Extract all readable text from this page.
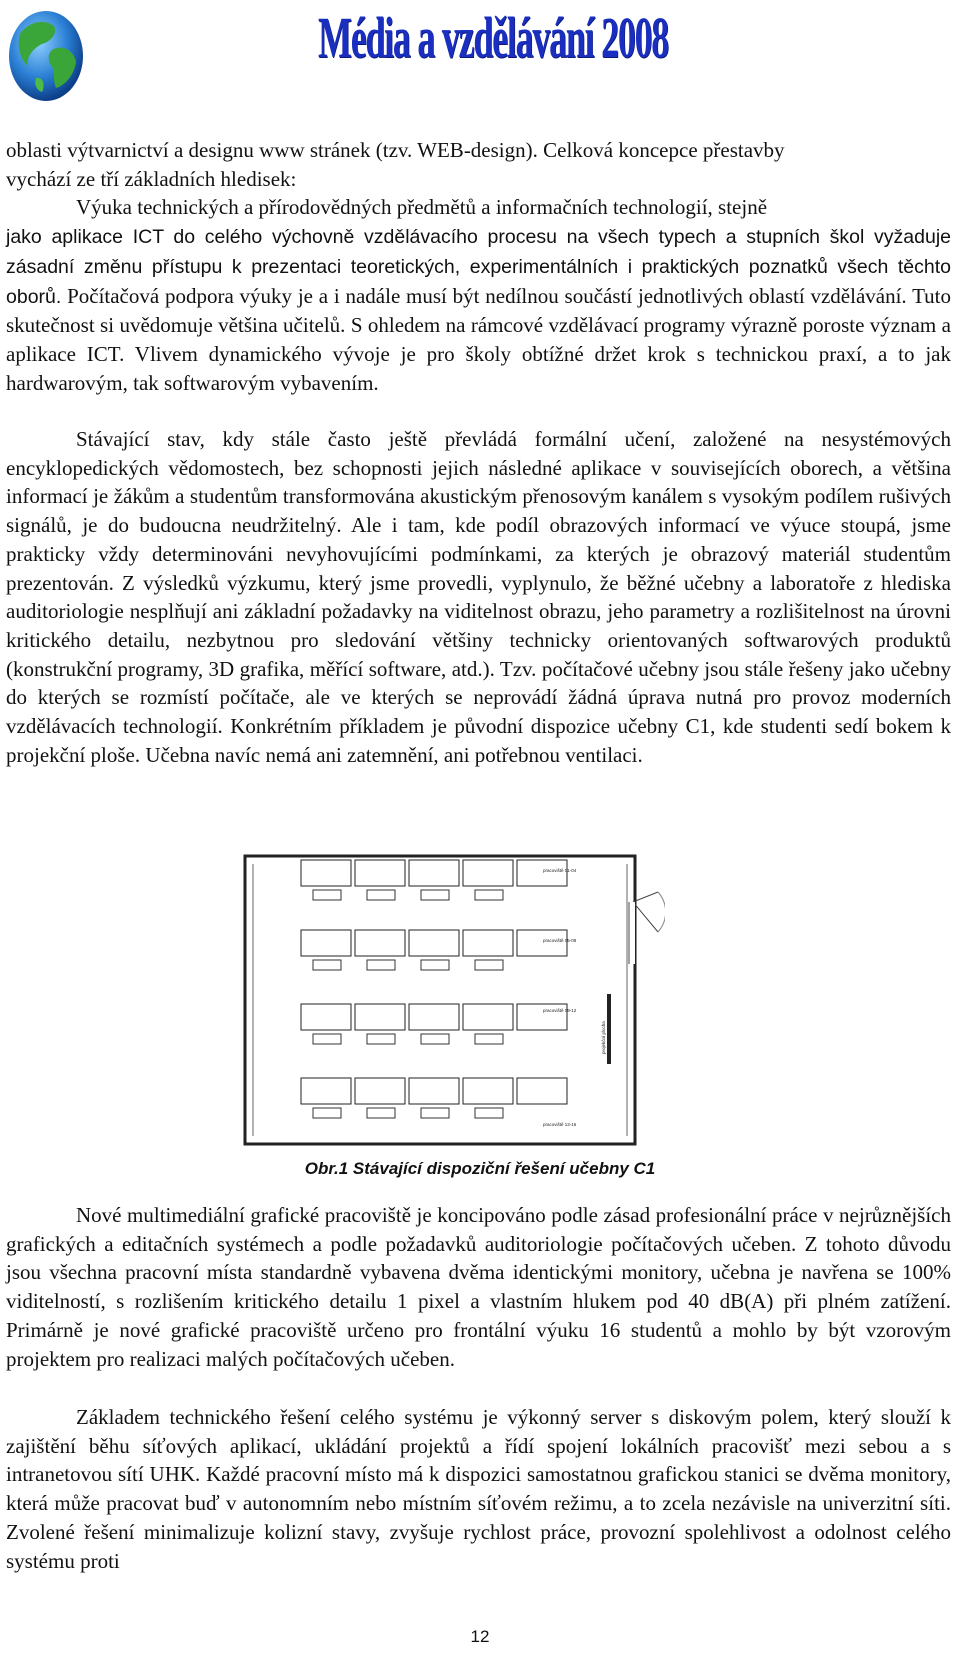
Média a vzdělávání 2008
oblasti výtvarnictví a designu www stránek (tzv. WEB-design). Celková koncepce přestavby
vychází ze tří základních hledisek:
Výuka technických a přírodovědných předmětů a informačních technologií, stejně
jako aplikace ICT do celého výchovně vzdělávacího procesu na všech typech a stupních škol vyžaduje zásadní změnu přístupu k prezentaci teoretických, experimentálních i praktických poznatků všech těchto oborů. Počítačová podpora výuky je a i nadále musí být nedílnou součástí jednotlivých oblastí vzdělávání. Tuto skutečnost si uvědomuje většina učitelů. S ohledem na rámcové vzdělávací programy výrazně poroste význam a aplikace ICT. Vlivem dynamického vývoje je pro školy obtížné držet krok s technickou praxí, a to jak hardwarovým, tak softwarovým vybavením.
Stávající stav, kdy stále často ještě převládá formální učení, založené na nesystémových encyklopedických vědomostech, bez schopnosti jejich následné aplikace v souvisejících oborech, a většina informací je žákům a studentům transformována akustickým přenosovým kanálem s vysokým podílem rušivých signálů, je do budoucna neudržitelný. Ale i tam, kde podíl obrazových informací ve výuce stoupá, jsme prakticky vždy determinováni nevyhovujícími podmínkami, za kterých je obrazový materiál studentům prezentován. Z výsledků výzkumu, který jsme provedli, vyplynulo, že běžné učebny a laboratoře z hlediska auditoriologie nesplňují ani základní požadavky na viditelnost obrazu, jeho parametry a rozlišitelnost na úrovni kritického detailu, nezbytnou pro sledování většiny technicky orientovaných softwarových produktů (konstrukční programy, 3D grafika, měřící software, atd.). Tzv. počítačové učebny jsou stále řešeny jako učebny do kterých se rozmístí počítače, ale ve kterých se neprovádí žádná úprava nutná pro provoz moderních vzdělávacích technologií. Konkrétním příkladem je původní dispozice učebny C1, kde studenti sedí bokem k projekční ploše. Učebna navíc nemá ani zatemnění, ani potřebnou ventilaci.
pracoviště 01-04
pracoviště 05-08
pracoviště 09-12
pracoviště 13-16
projekční plocha
Obr.1 Stávající dispoziční řešení učebny C1
Nové multimediální grafické pracoviště je koncipováno podle zásad profesionální práce v nejrůznějších grafických a editačních systémech a podle požadavků auditoriologie počítačových učeben. Z tohoto důvodu jsou všechna pracovní místa standardně vybavena dvěma identickými monitory, učebna je navřena se 100% viditelností, s rozlišením kritického detailu 1 pixel a vlastním hlukem pod 40 dB(A) při plném zatížení. Primárně je nové grafické pracoviště určeno pro frontální výuku 16 studentů a mohlo by být vzorovým projektem pro realizaci malých počítačových učeben.
Základem technického řešení celého systému je výkonný server s diskovým polem, který slouží k zajištění běhu síťových aplikací, ukládání projektů a řídí spojení lokálních pracovišť mezi sebou a s intranetovou sítí UHK. Každé pracovní místo má k dispozici samostatnou grafickou stanici se dvěma monitory, která může pracovat buď v autonomním nebo místním síťovém režimu, a to zcela nezávisle na univerzitní síti. Zvolené řešení minimalizuje kolizní stavy, zvyšuje rychlost práce, provozní spolehlivost a odolnost celého systému proti
12
